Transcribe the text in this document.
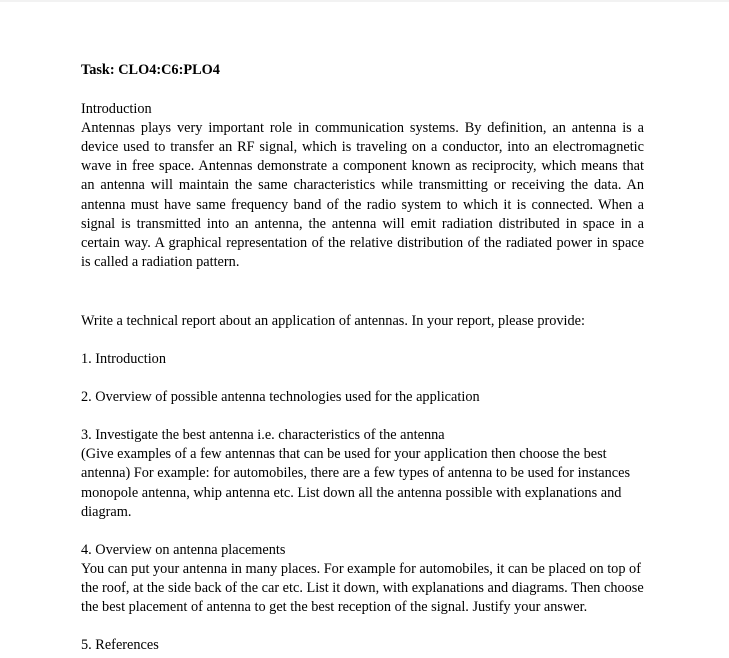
Task: CLO4:C6:PLO4

Introduction

Antennas plays very important role in communication systems. By definition, an antenna is a device used to transfer an RF signal, which is traveling on a conductor, into an electromagnetic wave in free space. Antennas demonstrate a component known as reciprocity, which means that an antenna will maintain the same characteristics while transmitting or receiving the data. An antenna must have same frequency band of the radio system to which it is connected. When a signal is transmitted into an antenna, the antenna will emit radiation distributed in space in a certain way. A graphical representation of the relative distribution of the radiated power in space is called a radiation pattern.

Write a technical report about an application of antennas. In your report, please provide:

1. Introduction

2. Overview of possible antenna technologies used for the application

3. Investigate the best antenna i.e. characteristics of the antenna

(Give examples of a few antennas that can be used for your application then choose the best antenna) For example: for automobiles, there are a few types of antenna to be used for instances monopole antenna, whip antenna etc. List down all the antenna possible with explanations and diagram.

4. Overview on antenna placements

You can put your antenna in many places. For example for automobiles, it can be placed on top of the roof, at the side back of the car etc. List it down, with explanations and diagrams. Then choose the best placement of antenna to get the best reception of the signal. Justify your answer.

5. References
